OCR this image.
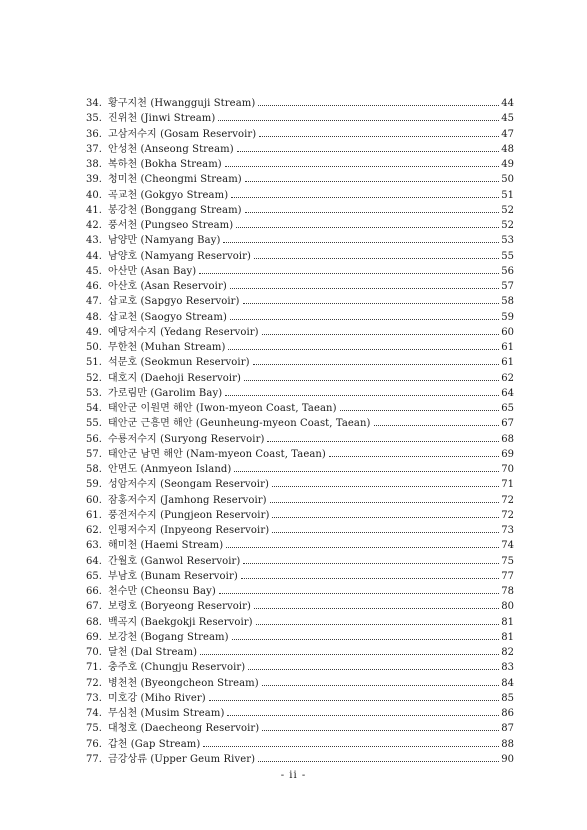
34. 황구지천 (Hwangguji Stream)	44
35. 진위천 (Jinwi Stream)	45
36. 고삼저수지 (Gosam Reservoir)	47
37. 안성천 (Anseong Stream)	48
38. 복하천 (Bokha Stream)	49
39. 청미천 (Cheongmi Stream)	50
40. 곡교천 (Gokgyo Stream)	51
41. 봉강천 (Bonggang Stream)	52
42. 풍서천 (Pungseo Stream)	52
43. 남양만 (Namyang Bay)	53
44. 남양호 (Namyang Reservoir)	55
45. 아산만 (Asan Bay)	56
46. 아산호 (Asan Reservoir)	57
47. 삽교호 (Sapgyo Reservoir)	58
48. 삽교천 (Saogyo Stream)	59
49. 예당저수지 (Yedang Reservoir)	60
50. 무한천 (Muhan Stream)	61
51. 석문호 (Seokmun Reservoir)	61
52. 대호지 (Daehoji Reservoir)	62
53. 가로림만 (Garolim Bay)	64
54. 태안군 이원면 해안 (Iwon-myeon Coast, Taean)	65
55. 태안군 근흥면 해안 (Geunheung-myeon Coast, Taean)	67
56. 수룡저수지 (Suryong Reservoir)	68
57. 태안군 남면 해안 (Nam-myeon Coast, Taean)	69
58. 안면도 (Anmyeon Island)	70
59. 성암저수지 (Seongam Reservoir)	71
60. 잠홍저수지 (Jamhong Reservoir)	72
61. 풍전저수지 (Pungjeon Reservoir)	72
62. 인평저수지 (Inpyeong Reservoir)	73
63. 해미천 (Haemi Stream)	74
64. 간월호 (Ganwol Reservoir)	75
65. 부남호 (Bunam Reservoir)	77
66. 천수만 (Cheonsu Bay)	78
67. 보령호 (Boryeong Reservoir)	80
68. 백곡지 (Baekgokji Reservoir)	81
69. 보강천 (Bogang Stream)	81
70. 달천 (Dal Stream)	82
71. 충주호 (Chungju Reservoir)	83
72. 병천천 (Byeongcheon Stream)	84
73. 미호강 (Miho River)	85
74. 무심천 (Musim Stream)	86
75. 대청호 (Daecheong Reservoir)	87
76. 갑천 (Gap Stream)	88
77. 금강상류 (Upper Geum River)	90
- ii -
